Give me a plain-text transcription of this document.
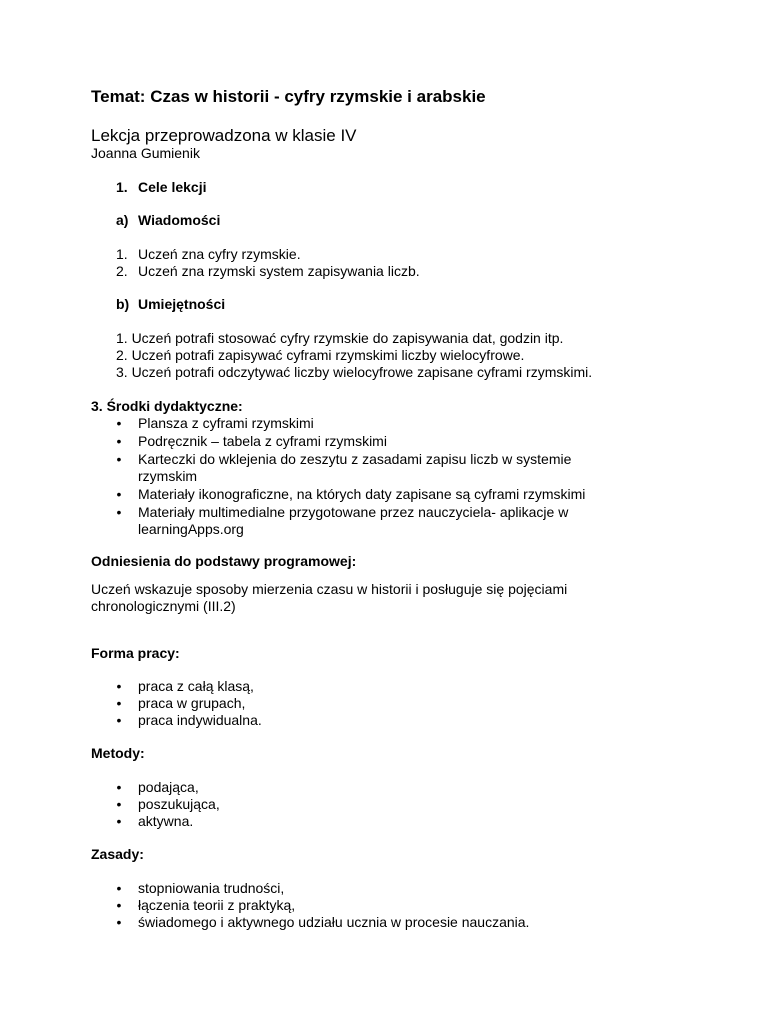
Temat: Czas w historii - cyfry rzymskie i arabskie
Lekcja przeprowadzona w klasie IV
Joanna Gumienik
1. Cele lekcji
a) Wiadomości
1. Uczeń zna cyfry rzymskie.
2. Uczeń zna rzymski system zapisywania liczb.
b) Umiejętności
1. Uczeń potrafi stosować cyfry rzymskie do zapisywania dat, godzin itp.
2. Uczeń potrafi zapisywać cyframi rzymskimi liczby wielocyfrowe.
3. Uczeń potrafi odczytywać liczby wielocyfrowe zapisane cyframi rzymskimi.
3. Środki dydaktyczne:
•
Plansza z cyframi rzymskimi
•
Podręcznik – tabela z cyframi rzymskimi
•
Karteczki do wklejenia do zeszytu z zasadami zapisu liczb w systemie rzymskim
•
Materiały ikonograficzne, na których daty zapisane są cyframi rzymskimi
•
Materiały multimedialne przygotowane przez nauczyciela- aplikacje w learningApps.org
Odniesienia do podstawy programowej:
Uczeń wskazuje sposoby mierzenia czasu w historii i posługuje się pojęciami chronologicznymi (III.2)
Forma pracy:
•
praca z całą klasą,
•
praca w grupach,
•
praca indywidualna.
Metody:
•
podająca,
•
poszukująca,
•
aktywna.
Zasady:
•
stopniowania trudności,
•
łączenia teorii z praktyką,
•
świadomego i aktywnego udziału ucznia w procesie nauczania.
